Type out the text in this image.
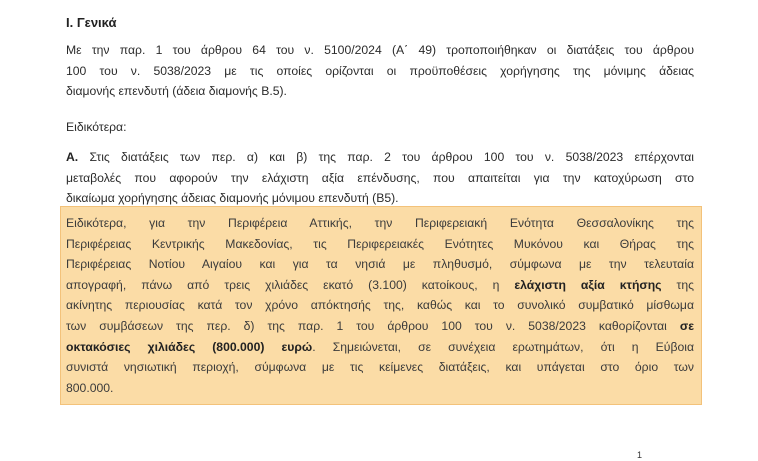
I. Γενικά
Με την παρ. 1 του άρθρου 64 του ν. 5100/2024 (Α΄ 49) τροποποιήθηκαν οι διατάξεις του άρθρου
100 του ν. 5038/2023 με τις οποίες ορίζονται οι προϋποθέσεις χορήγησης της μόνιμης άδειας
διαμονής επενδυτή (άδεια διαμονής Β.5).
Ειδικότερα:
Α. Στις διατάξεις των περ. α) και β) της παρ. 2 του άρθρου 100 του ν. 5038/2023 επέρχονται
μεταβολές που αφορούν την ελάχιστη αξία επένδυσης, που απαιτείται για την κατοχύρωση στο
δικαίωμα χορήγησης άδειας διαμονής μόνιμου επενδυτή (Β5).
Ειδικότερα, για την Περιφέρεια Αττικής, την Περιφερειακή Ενότητα Θεσσαλονίκης της
Περιφέρειας Κεντρικής Μακεδονίας, τις Περιφερειακές Ενότητες Μυκόνου και Θήρας της
Περιφέρειας Νοτίου Αιγαίου και για τα νησιά με πληθυσμό, σύμφωνα με την τελευταία
απογραφή, πάνω από τρεις χιλιάδες εκατό (3.100) κατοίκους, η ελάχιστη αξία κτήσης της
ακίνητης περιουσίας κατά τον χρόνο απόκτησής της, καθώς και το συνολικό συμβατικό μίσθωμα
των συμβάσεων της περ. δ) της παρ. 1 του άρθρου 100 του ν. 5038/2023 καθορίζονται σε
οκτακόσιες χιλιάδες (800.000) ευρώ. Σημειώνεται, σε συνέχεια ερωτημάτων, ότι η Εύβοια
συνιστά νησιωτική περιοχή, σύμφωνα με τις κείμενες διατάξεις, και υπάγεται στο όριο των
800.000.
1
